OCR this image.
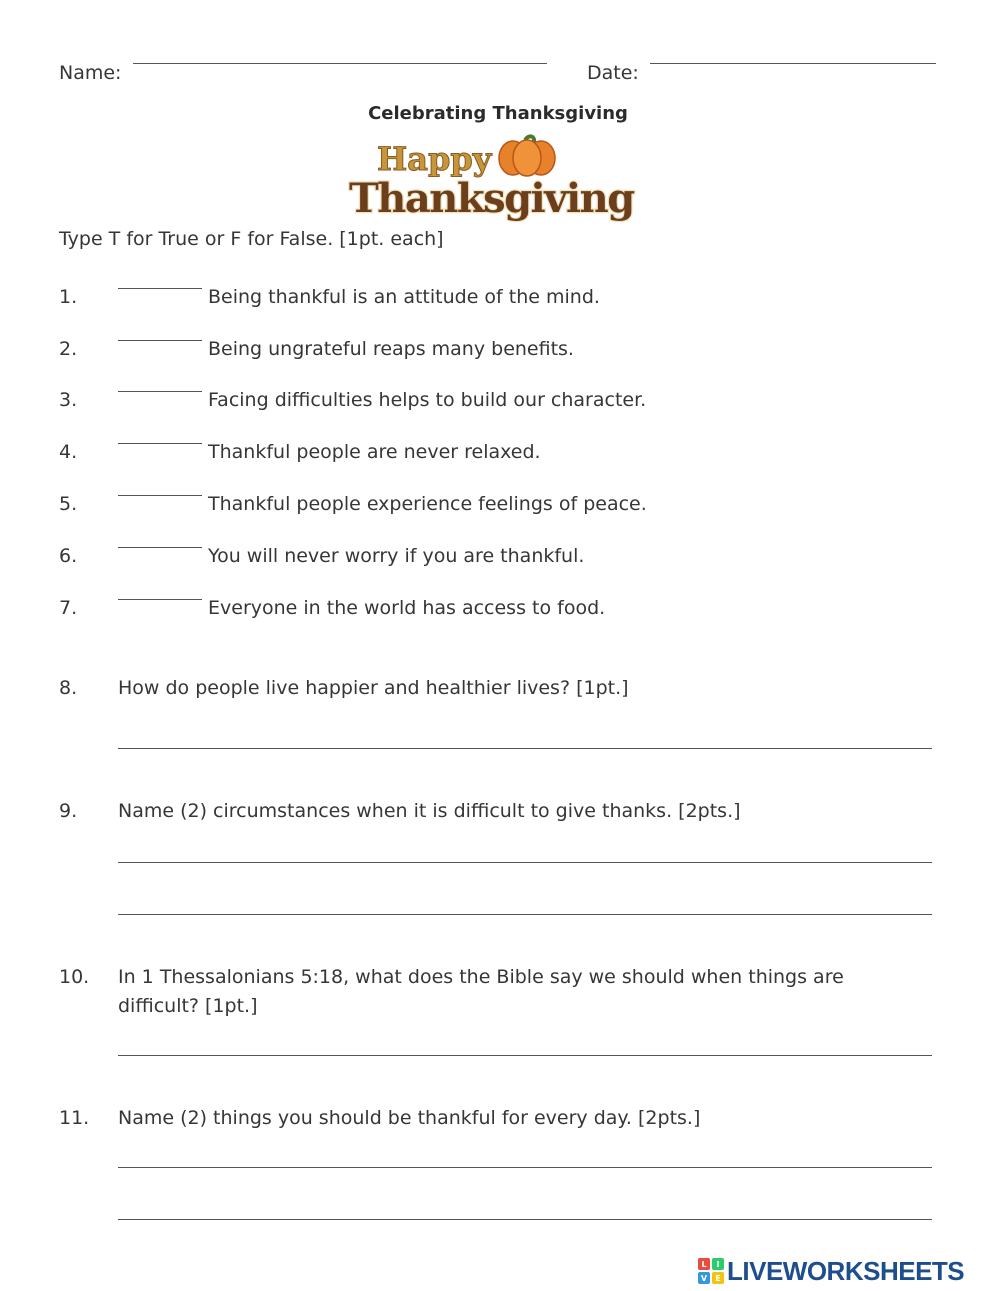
Name:	Date:
Celebrating Thanksgiving
Happy
Thanksgiving
Type T for True or F for False. [1pt. each]
1.	Being thankful is an attitude of the mind.
2.	Being ungrateful reaps many benefits.
3.	Facing difficulties helps to build our character.
4.	Thankful people are never relaxed.
5.	Thankful people experience feelings of peace.
6.	You will never worry if you are thankful.
7.	Everyone in the world has access to food.
8. How do people live happier and healthier lives? [1pt.]
9. Name (2) circumstances when it is difficult to give thanks. [2pts.]
10. In 1 Thessalonians 5:18, what does the Bible say we should when things are
difficult? [1pt.]
11. Name (2) things you should be thankful for every day. [2pts.]
L I
V E LIVEWORKSHEETS
